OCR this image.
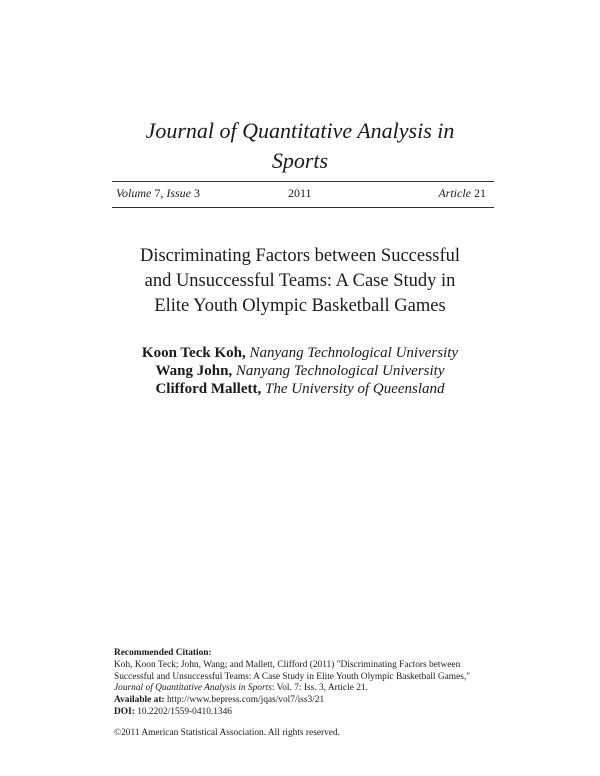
Journal of Quantitative Analysis in
Sports
Volume 7, Issue 3	2011	Article 21
Discriminating Factors between Successful
and Unsuccessful Teams: A Case Study in
Elite Youth Olympic Basketball Games
Koon Teck Koh, Nanyang Technological University
Wang John, Nanyang Technological University
Clifford Mallett, The University of Queensland
Recommended Citation:
Koh, Koon Teck; John, Wang; and Mallett, Clifford (2011) "Discriminating Factors between
Successful and Unsuccessful Teams: A Case Study in Elite Youth Olympic Basketball Games,"
Journal of Quantitative Analysis in Sports: Vol. 7: Iss. 3, Article 21.
Available at: http://www.bepress.com/jqas/vol7/iss3/21
DOI: 10.2202/1559-0410.1346
©2011 American Statistical Association. All rights reserved.
